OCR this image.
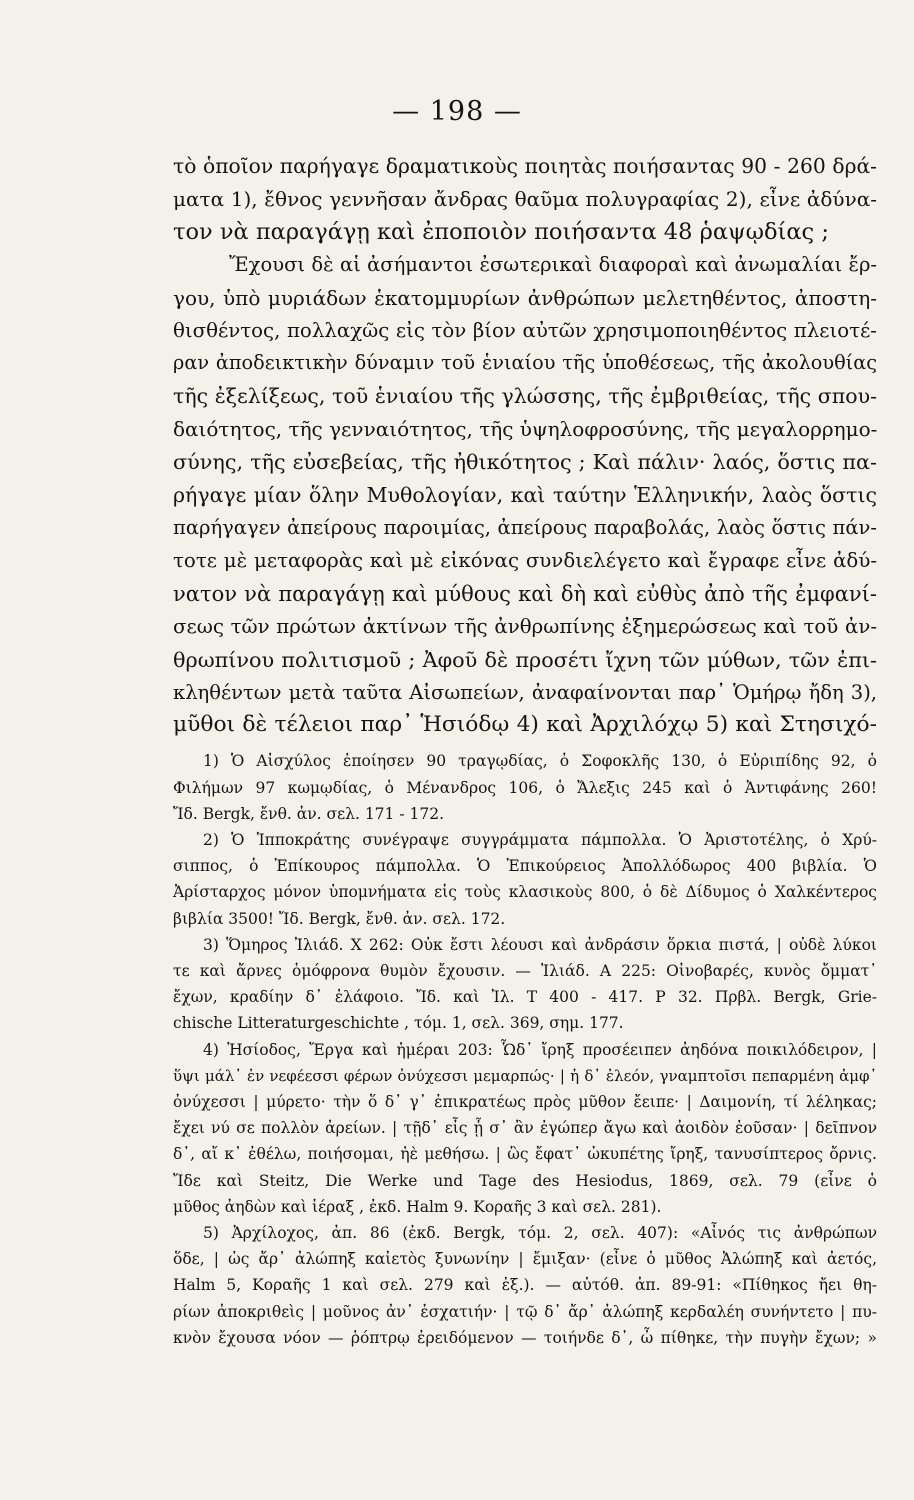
— 198 —
τὸ ὁποῖον παρήγαγε δραματικοὺς ποιητὰς ποιήσαντας 90 - 260 δρά-
ματα 1), ἔθνος γεννῆσαν ἄνδρας θαῦμα πολυγραφίας 2), εἶνε ἀδύνα-
τον νὰ παραγάγῃ καὶ ἐποποιὸν ποιήσαντα 48 ῥαψῳδίας ;
Ἔχουσι δὲ αἱ ἀσήμαντοι ἐσωτερικαὶ διαφοραὶ καὶ ἀνωμαλίαι ἔρ-
γου, ὑπὸ μυριάδων ἑκατομμυρίων ἀνθρώπων μελετηθέντος, ἀποστη-
θισθέντος, πολλαχῶς εἰς τὸν βίον αὐτῶν χρησιμοποιηθέντος πλειοτέ-
ραν ἀποδεικτικὴν δύναμιν τοῦ ἑνιαίου τῆς ὑποθέσεως, τῆς ἀκολουθίας
τῆς ἐξελίξεως, τοῦ ἑνιαίου τῆς γλώσσης, τῆς ἐμβριθείας, τῆς σπου-
δαιότητος, τῆς γενναιότητος, τῆς ὑψηλοφροσύνης, τῆς μεγαλορρημο-
σύνης, τῆς εὐσεβείας, τῆς ἠθικότητος ; Καὶ πάλιν· λαός, ὅστις πα-
ρήγαγε μίαν ὅλην Μυθολογίαν, καὶ ταύτην Ἑλληνικήν, λαὸς ὅστις
παρήγαγεν ἀπείρους παροιμίας, ἀπείρους παραβολάς, λαὸς ὅστις πάν-
τοτε μὲ μεταφορὰς καὶ μὲ εἰκόνας συνδιελέγετο καὶ ἔγραφε εἶνε ἀδύ-
νατον νὰ παραγάγῃ καὶ μύθους καὶ δὴ καὶ εὐθὺς ἀπὸ τῆς ἐμφανί-
σεως τῶν πρώτων ἀκτίνων τῆς ἀνθρωπίνης ἐξημερώσεως καὶ τοῦ ἀν-
θρωπίνου πολιτισμοῦ ; Ἀφοῦ δὲ προσέτι ἴχνη τῶν μύθων, τῶν ἐπι-
κληθέντων μετὰ ταῦτα Αἰσωπείων, ἀναφαίνονται παρ᾽ Ὁμήρῳ ἤδη 3),
μῦθοι δὲ τέλειοι παρ᾽ Ἡσιόδῳ 4) καὶ Ἀρχιλόχῳ 5) καὶ Στησιχό-
1) Ὁ Αἰσχύλος ἐποίησεν 90 τραγῳδίας, ὁ Σοφοκλῆς 130, ὁ Εὐριπίδης 92, ὁ
Φιλήμων 97 κωμῳδίας, ὁ Μένανδρος 106, ὁ Ἄλεξις 245 καὶ ὁ Ἀντιφάνης 260!
Ἴδ. Bergk, ἔνθ. ἀν. σελ. 171 - 172.
2) Ὁ Ἱπποκράτης συνέγραψε συγγράμματα πάμπολλα. Ὁ Ἀριστοτέλης, ὁ Χρύ-
σιππος, ὁ Ἐπίκουρος πάμπολλα. Ὁ Ἐπικούρειος Ἀπολλόδωρος 400 βιβλία. Ὁ
Ἀρίσταρχος μόνον ὑπομνήματα εἰς τοὺς κλασικοὺς 800, ὁ δὲ Δίδυμος ὁ Χαλκέντερος
βιβλία 3500! Ἴδ. Bergk, ἔνθ. ἀν. σελ. 172.
3) Ὅμηρος Ἰλιάδ. Χ 262: Οὐκ ἔστι λέουσι καὶ ἀνδράσιν ὅρκια πιστά, | οὐδὲ λύκοι
τε καὶ ἄρνες ὁμόφρονα θυμὸν ἔχουσιν. — Ἰλιάδ. Α 225: Οἰνοβαρές, κυνὸς ὄμματ᾽
ἔχων, κραδίην δ᾽ ἐλάφοιο. Ἴδ. καὶ Ἰλ. Τ 400 - 417. Ρ 32. Πρβλ. Bergk, Grie-
chische Litteraturgeschichte , τόμ. 1, σελ. 369, σημ. 177.
4) Ἡσίοδος, Ἔργα καὶ ἡμέραι 203: Ὧδ᾽ ἴρηξ προσέειπεν ἀηδόνα ποικιλόδειρον, |
ὕψι μάλ᾽ ἐν νεφέεσσι φέρων ὀνύχεσσι μεμαρπώς· | ἡ δ᾽ ἐλεόν, γναμπτοῖσι πεπαρμένη ἀμφ᾽
ὀνύχεσσι | μύρετο· τὴν ὅ δ᾽ γ᾽ ἐπικρατέως πρὸς μῦθον ἔειπε· | Δαιμονίη, τί λέληκας;
ἔχει νύ σε πολλὸν ἀρείων. | τῇδ᾽ εἶς ᾗ σ᾽ ἂν ἐγώπερ ἄγω καὶ ἀοιδὸν ἐοῦσαν· | δεῖπνον
δ᾽, αἴ κ᾽ ἐθέλω, ποιήσομαι, ἠὲ μεθήσω. | ὣς ἔφατ᾽ ὠκυπέτης ἴρηξ, τανυσίπτερος ὄρνις.
Ἴδε καὶ Steitz, Die Werke und Tage des Hesiodus, 1869, σελ. 79 (εἶνε ὁ
μῦθος ἀηδὼν καὶ ἱέραξ , ἐκδ. Halm 9. Κοραῆς 3 καὶ σελ. 281).
5) Ἀρχίλοχος, ἀπ. 86 (ἐκδ. Bergk, τόμ. 2, σελ. 407): «Αἶνός τις ἀνθρώπων
ὅδε, | ὡς ἄρ᾽ ἀλώπηξ καἰετὸς ξυνωνίην | ἔμιξαν· (εἶνε ὁ μῦθος Ἀλώπηξ καὶ ἀετός,
Halm 5, Κοραῆς 1 καὶ σελ. 279 καὶ ἑξ.). — αὐτόθ. ἀπ. 89-91: «Πίθηκος ἤει θη-
ρίων ἀποκριθεὶς | μοῦνος ἀν᾽ ἐσχατιήν· | τῷ δ᾽ ἄρ᾽ ἀλώπηξ κερδαλέη συνήντετο | πυ-
κνὸν ἔχουσα νόον — ῥόπτρῳ ἐρειδόμενον — τοιήνδε δ᾽, ὦ πίθηκε, τὴν πυγὴν ἔχων; »
